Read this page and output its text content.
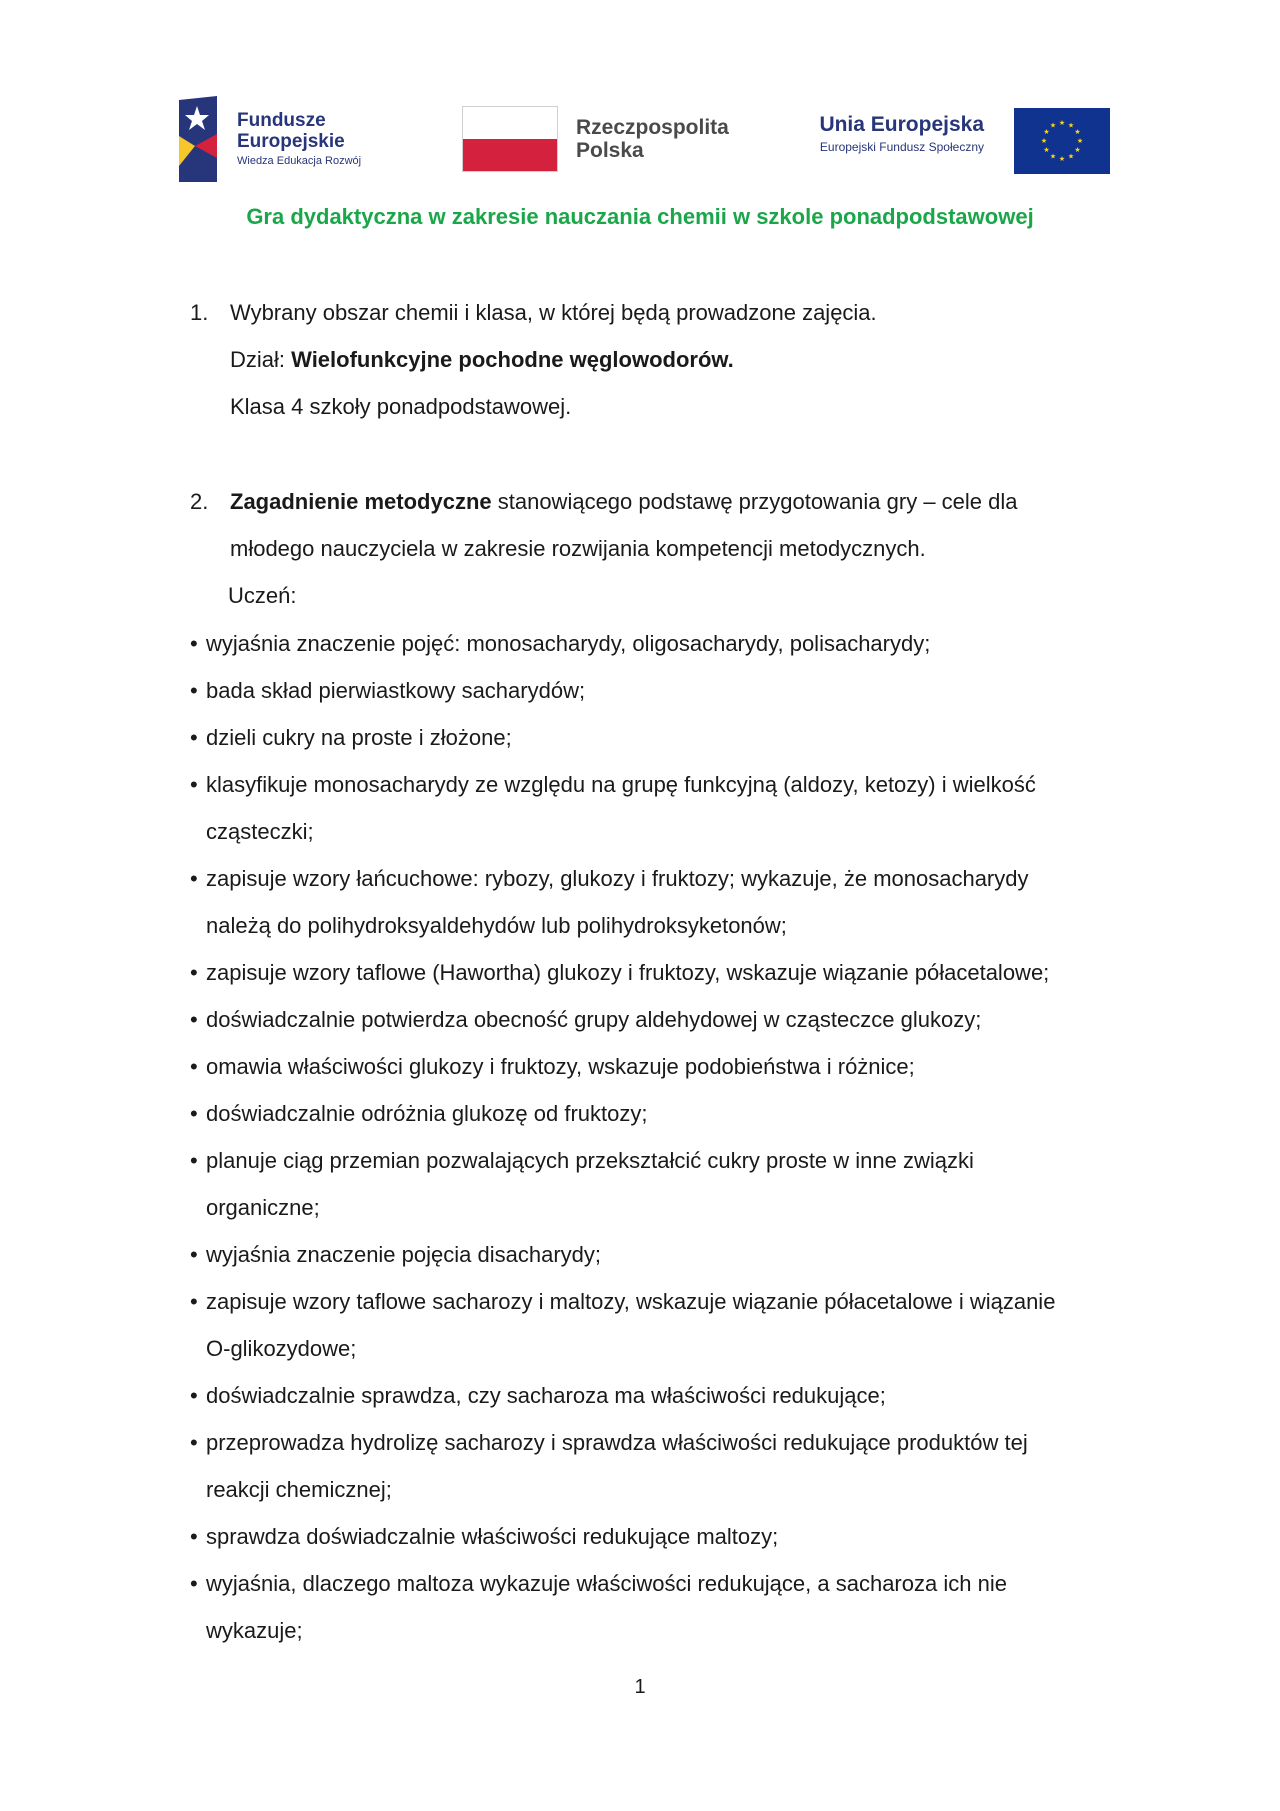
Fundusze
Europejskie
Wiedza Edukacja Rozwój
Rzeczpospolita
Polska
Unia Europejska
Europejski Fundusz Społeczny
★ ★
★
★
★
★
★
★
★
★
★
★
Gra dydaktyczna w zakresie nauczania chemii w szkole ponadpodstawowej
1. Wybrany obszar chemii i klasa, w której będą prowadzone zajęcia.
Dział: Wielofunkcyjne pochodne węglowodorów.
Klasa 4 szkoły ponadpodstawowej.
2. Zagadnienie metodyczne stanowiącego podstawę przygotowania gry – cele dla
młodego nauczyciela w zakresie rozwijania kompetencji metodycznych.
Uczeń:
• wyjaśnia znaczenie pojęć: monosacharydy, oligosacharydy, polisacharydy;
• bada skład pierwiastkowy sacharydów;
• dzieli cukry na proste i złożone;
• klasyfikuje monosacharydy ze względu na grupę funkcyjną (aldozy, ketozy) i wielkość
cząsteczki;
• zapisuje wzory łańcuchowe: rybozy, glukozy i fruktozy; wykazuje, że monosacharydy
należą do polihydroksyaldehydów lub polihydroksyketonów;
• zapisuje wzory taflowe (Hawortha) glukozy i fruktozy, wskazuje wiązanie półacetalowe;
• doświadczalnie potwierdza obecność grupy aldehydowej w cząsteczce glukozy;
• omawia właściwości glukozy i fruktozy, wskazuje podobieństwa i różnice;
• doświadczalnie odróżnia glukozę od fruktozy;
• planuje ciąg przemian pozwalających przekształcić cukry proste w inne związki
organiczne;
• wyjaśnia znaczenie pojęcia disacharydy;
• zapisuje wzory taflowe sacharozy i maltozy, wskazuje wiązanie półacetalowe i wiązanie
O-glikozydowe;
• doświadczalnie sprawdza, czy sacharoza ma właściwości redukujące;
• przeprowadza hydrolizę sacharozy i sprawdza właściwości redukujące produktów tej
reakcji chemicznej;
• sprawdza doświadczalnie właściwości redukujące maltozy;
• wyjaśnia, dlaczego maltoza wykazuje właściwości redukujące, a sacharoza ich nie
wykazuje;
1
